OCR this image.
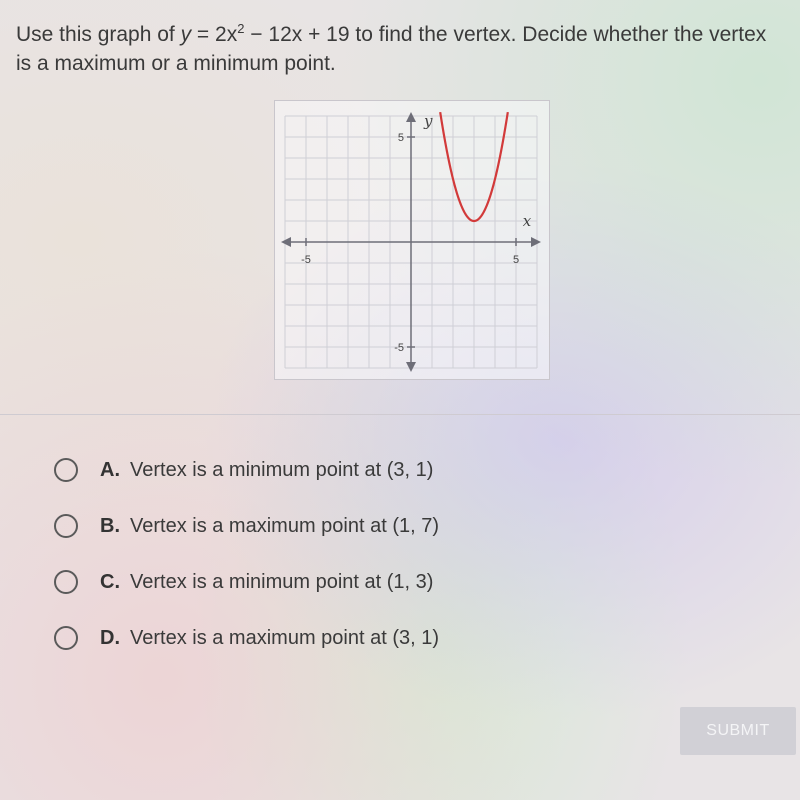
Use this graph of $y = 2x^2 - 12x + 19$ to find the vertex. Decide whether the vertex is a maximum or a minimum point.
y
x
-5	5
5
-5
A. Vertex is a minimum point at (3, 1)
B. Vertex is a maximum point at (1, 7)
C. Vertex is a minimum point at (1, 3)
D. Vertex is a maximum point at (3, 1)
SUBMIT
